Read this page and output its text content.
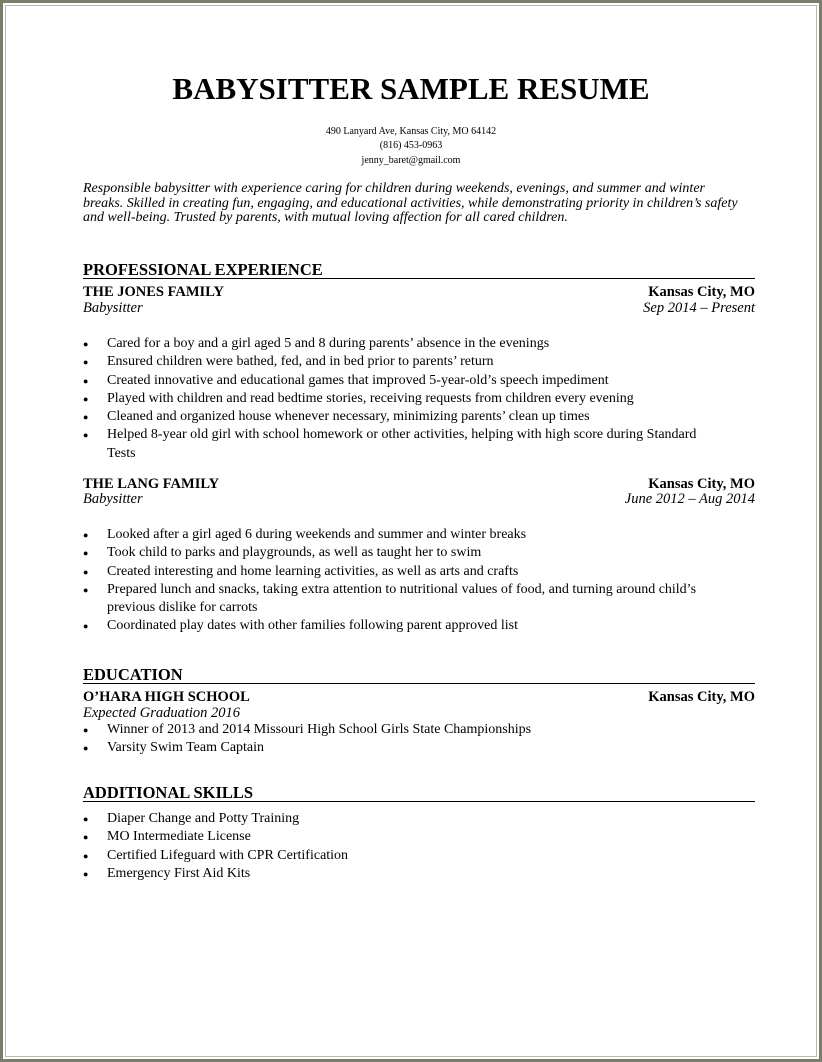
BABYSITTER SAMPLE RESUME
490 Lanyard Ave, Kansas City, MO 64142
(816) 453-0963
jenny_baret@gmail.com
Responsible babysitter with experience caring for children during weekends, evenings, and summer and winter breaks. Skilled in creating fun, engaging, and educational activities, while demonstrating priority in children’s safety and well-being. Trusted by parents, with mutual loving affection for all cared children.
PROFESSIONAL EXPERIENCE
THE JONES FAMILY	Kansas City, MO
Babysitter	Sep 2014 – Present
● Cared for a boy and a girl aged 5 and 8 during parents’ absence in the evenings
● Ensured children were bathed, fed, and in bed prior to parents’ return
● Created innovative and educational games that improved 5-year-old’s speech impediment
● Played with children and read bedtime stories, receiving requests from children every evening
● Cleaned and organized house whenever necessary, minimizing parents’ clean up times
● Helped 8-year old girl with school homework or other activities, helping with high score during Standard Tests
THE LANG FAMILY	Kansas City, MO
Babysitter	June 2012 – Aug 2014
● Looked after a girl aged 6 during weekends and summer and winter breaks
● Took child to parks and playgrounds, as well as taught her to swim
● Created interesting and home learning activities, as well as arts and crafts
● Prepared lunch and snacks, taking extra attention to nutritional values of food, and turning around child’s previous dislike for carrots
● Coordinated play dates with other families following parent approved list
EDUCATION
O’HARA HIGH SCHOOL	Kansas City, MO
Expected Graduation 2016
● Winner of 2013 and 2014 Missouri High School Girls State Championships
● Varsity Swim Team Captain
ADDITIONAL SKILLS
● Diaper Change and Potty Training
● MO Intermediate License
● Certified Lifeguard with CPR Certification
● Emergency First Aid Kits
